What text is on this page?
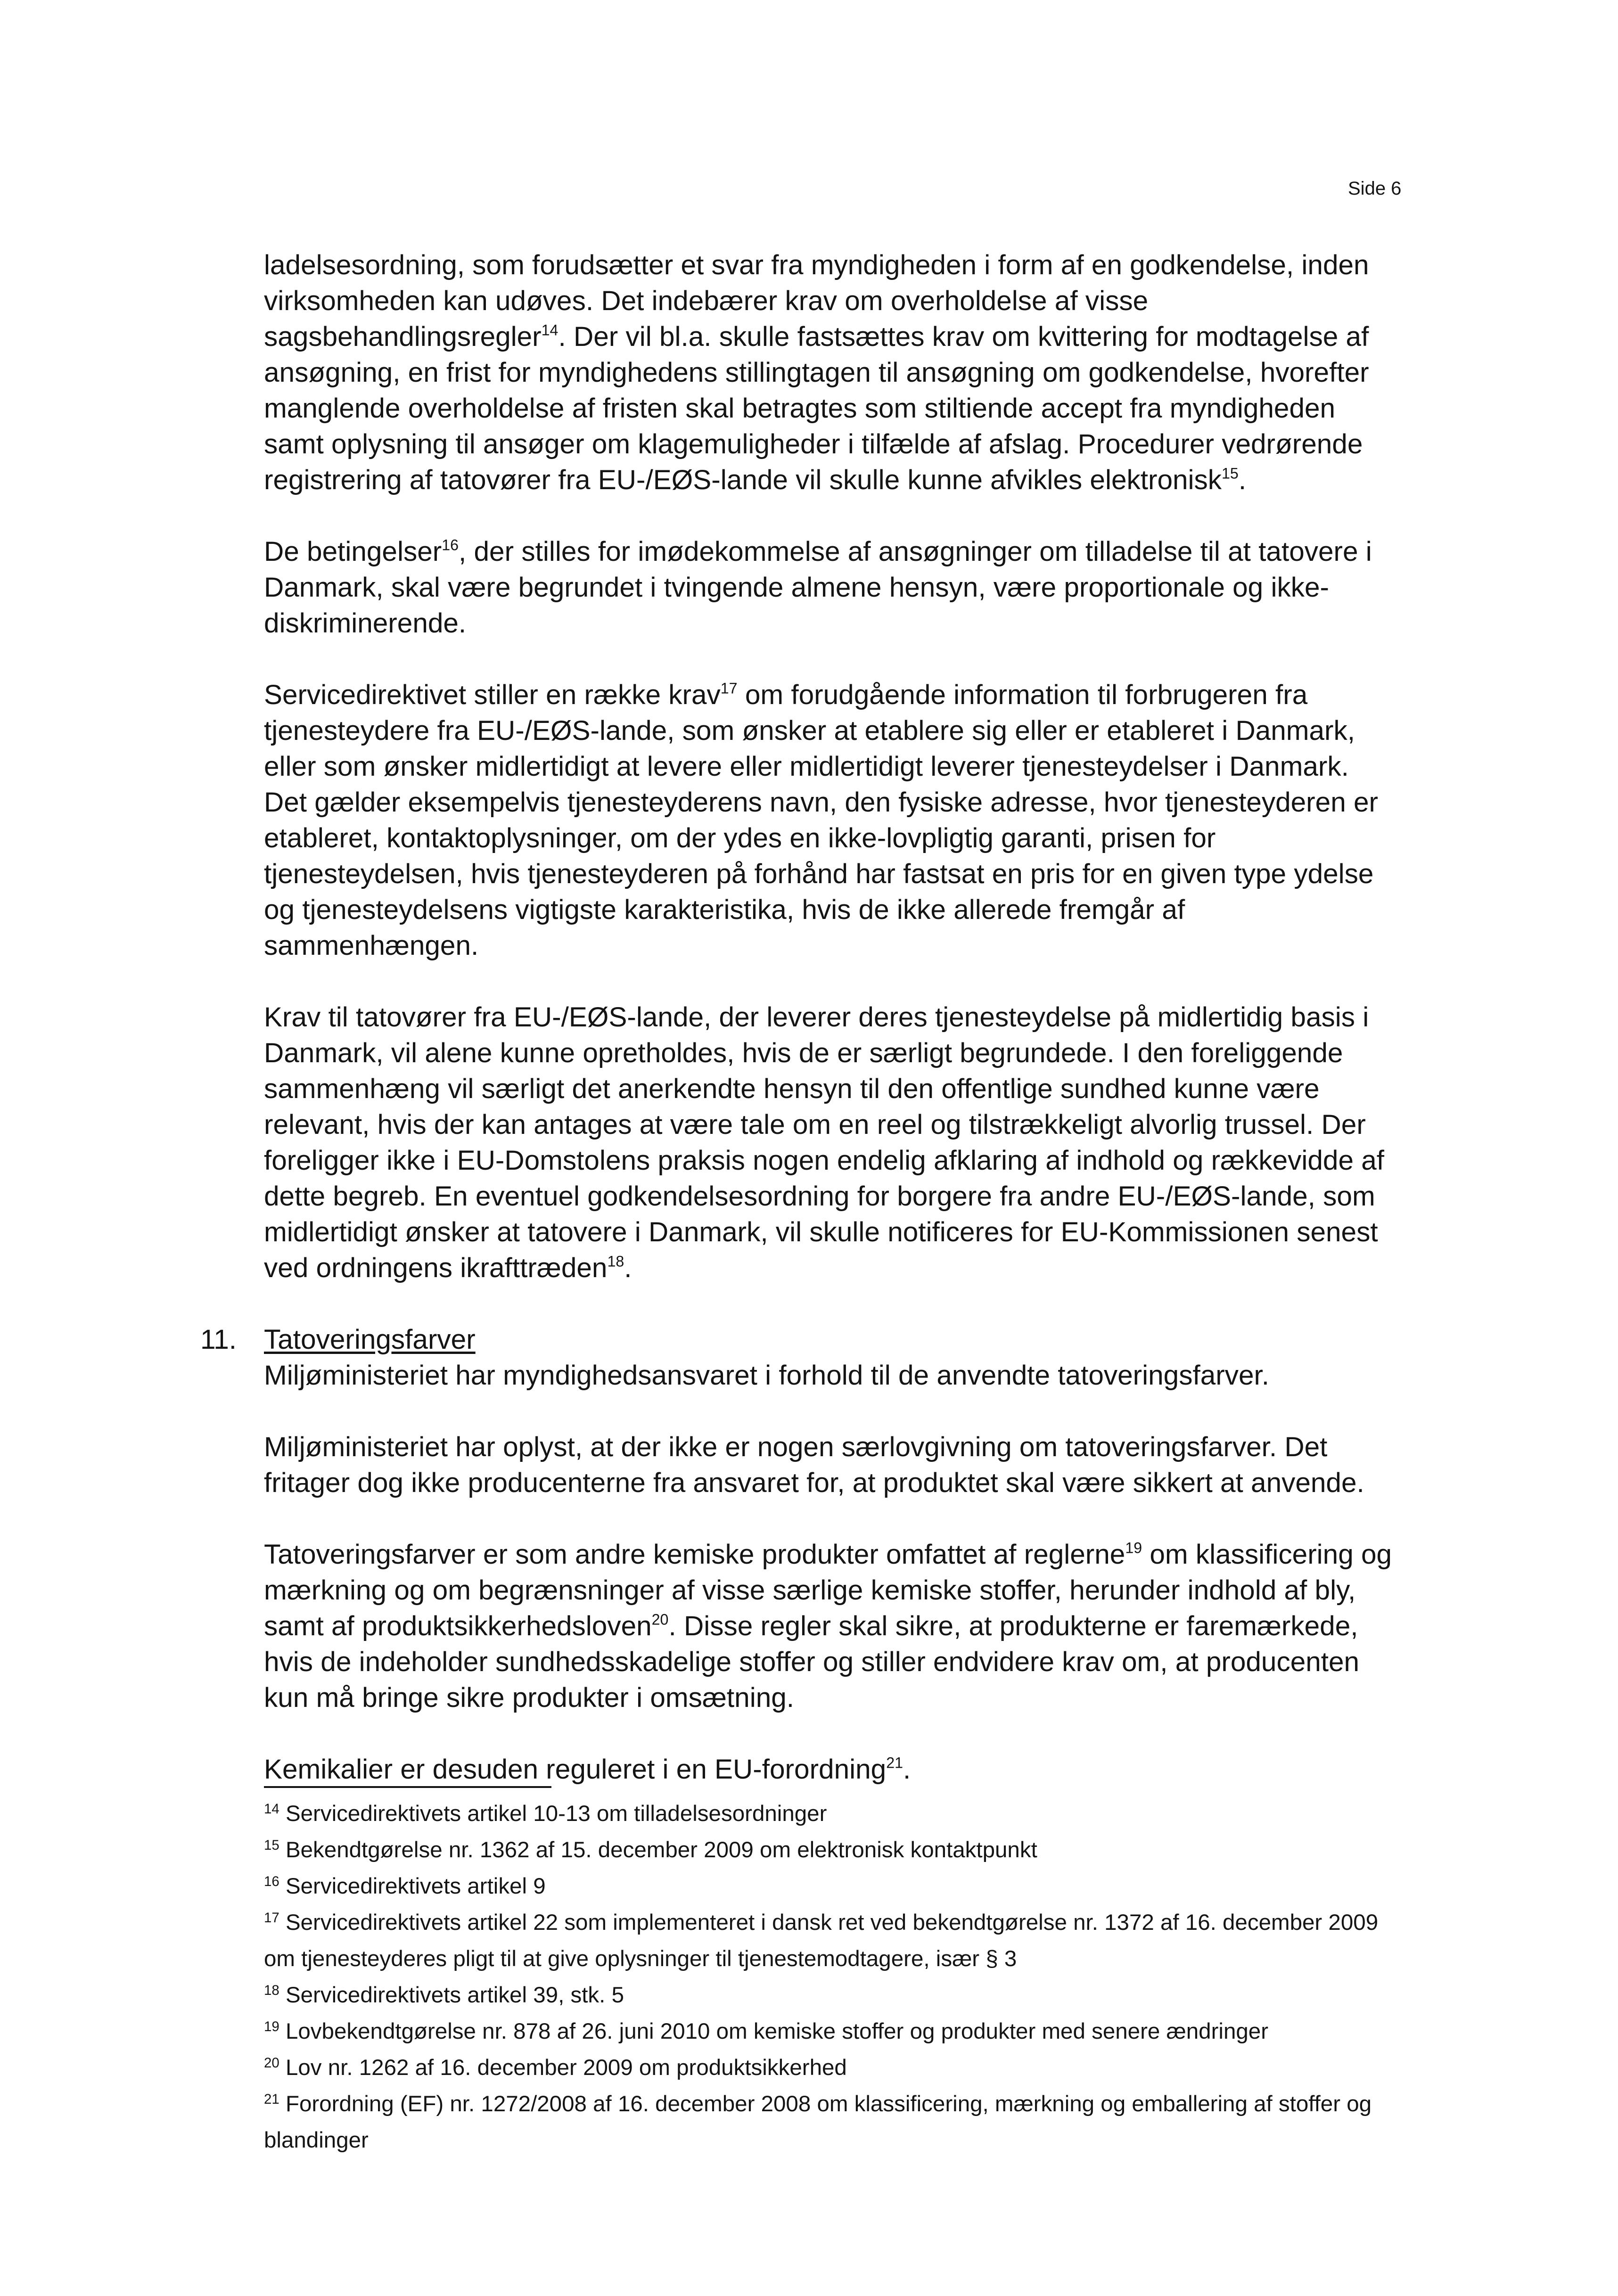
Side 6

ladelsesordning, som forudsætter et svar fra myndigheden i form af en godkendelse, inden virksomheden kan udøves. Det indebærer krav om overholdelse af visse sagsbehandlingsregler$^{14}$. Der vil bl.a. skulle fastsættes krav om kvittering for modtagelse af ansøgning, en frist for myndighedens stillingtagen til ansøgning om godkendelse, hvorefter manglende overholdelse af fristen skal betragtes som stiltiende accept fra myndigheden samt oplysning til ansøger om klagemuligheder i tilfælde af afslag. Procedurer vedrørende registrering af tatovører fra EU-/EØS-lande vil skulle kunne afvikles elektronisk$^{15}$.

De betingelser$^{16}$, der stilles for imødekommelse af ansøgninger om tilladelse til at tatovere i Danmark, skal være begrundet i tvingende almene hensyn, være proportionale og ikke-diskriminerende.

Servicedirektivet stiller en række krav$^{17}$ om forudgående information til forbrugeren fra tjenesteydere fra EU-/EØS-lande, som ønsker at etablere sig eller er etableret i Danmark, eller som ønsker midlertidigt at levere eller midlertidigt leverer tjenesteydelser i Danmark. Det gælder eksempelvis tjenesteyderens navn, den fysiske adresse, hvor tjenesteyderen er etableret, kontaktoplysninger, om der ydes en ikke-lovpligtig garanti, prisen for tjenesteydelsen, hvis tjenesteyderen på forhånd har fastsat en pris for en given type ydelse og tjenesteydelsens vigtigste karakteristika, hvis de ikke allerede fremgår af sammenhængen.

Krav til tatovører fra EU-/EØS-lande, der leverer deres tjenesteydelse på midlertidig basis i Danmark, vil alene kunne opretholdes, hvis de er særligt begrundede. I den foreliggende sammenhæng vil særligt det anerkendte hensyn til den offentlige sundhed kunne være relevant, hvis der kan antages at være tale om en reel og tilstrækkeligt alvorlig trussel. Der foreligger ikke i EU-Domstolens praksis nogen endelig afklaring af indhold og rækkevidde af dette begreb. En eventuel godkendelsesordning for borgere fra andre EU-/EØS-lande, som midlertidigt ønsker at tatovere i Danmark, vil skulle notificeres for EU-Kommissionen senest ved ordningens ikrafttræden$^{18}$.

11. Tatoveringsfarver
Miljøministeriet har myndighedsansvaret i forhold til de anvendte tatoveringsfarver.

Miljøministeriet har oplyst, at der ikke er nogen særlovgivning om tatoveringsfarver. Det fritager dog ikke producenterne fra ansvaret for, at produktet skal være sikkert at anvende.

Tatoveringsfarver er som andre kemiske produkter omfattet af reglerne$^{19}$ om klassificering og mærkning og om begrænsninger af visse særlige kemiske stoffer, herunder indhold af bly, samt af produktsikkerhedsloven$^{20}$. Disse regler skal sikre, at produkterne er faremærkede, hvis de indeholder sundhedsskadelige stoffer og stiller endvidere krav om, at producenten kun må bringe sikre produkter i omsætning.

Kemikalier er desuden reguleret i en EU-forordning$^{21}$.

$^{14}$ Servicedirektivets artikel 10-13 om tilladelsesordninger

$^{15}$ Bekendtgørelse nr. 1362 af 15. december 2009 om elektronisk kontaktpunkt

$^{16}$ Servicedirektivets artikel 9

$^{17}$ Servicedirektivets artikel 22 som implementeret i dansk ret ved bekendtgørelse nr. 1372 af 16. december 2009 om tjenesteyderes pligt til at give oplysninger til tjenestemodtagere, især § 3

$^{18}$ Servicedirektivets artikel 39, stk. 5

$^{19}$ Lovbekendtgørelse nr. 878 af 26. juni 2010 om kemiske stoffer og produkter med senere ændringer

$^{20}$ Lov nr. 1262 af 16. december 2009 om produktsikkerhed

$^{21}$ Forordning (EF) nr. 1272/2008 af 16. december 2008 om klassificering, mærkning og emballering af stoffer og blandinger
